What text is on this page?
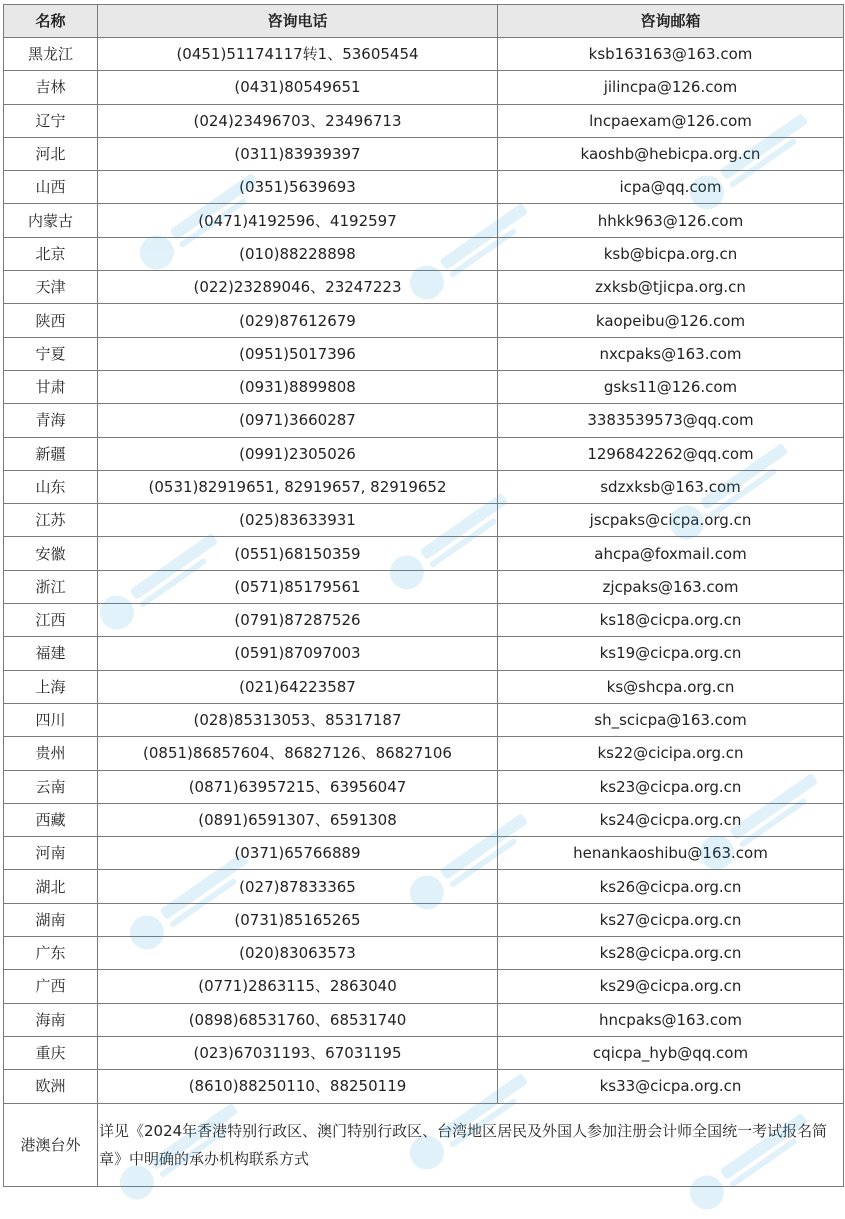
名称	咨询电话	咨询邮箱
黑龙江	(0451)51174117转1、53605454	ksb163163@163.com
吉林	(0431)80549651	jilincpa@126.com
辽宁	(024)23496703、23496713	lncpaexam@126.com
河北	(0311)83939397	kaoshb@hebicpa.org.cn
山西	(0351)5639693	icpa@qq.com
内蒙古	(0471)4192596、4192597	hhkk963@126.com
北京	(010)88228898	ksb@bicpa.org.cn
天津	(022)23289046、23247223	zxksb@tjicpa.org.cn
陕西	(029)87612679	kaopeibu@126.com
宁夏	(0951)5017396	nxcpaks@163.com
甘肃	(0931)8899808	gsks11@126.com
青海	(0971)3660287	3383539573@qq.com
新疆	(0991)2305026	1296842262@qq.com
山东	(0531)82919651, 82919657, 82919652	sdzxksb@163.com
江苏	(025)83633931	jscpaks@cicpa.org.cn
安徽	(0551)68150359	ahcpa@foxmail.com
浙江	(0571)85179561	zjcpaks@163.com
江西	(0791)87287526	ks18@cicpa.org.cn
福建	(0591)87097003	ks19@cicpa.org.cn
上海	(021)64223587	ks@shcpa.org.cn
四川	(028)85313053、85317187	sh_scicpa@163.com
贵州	(0851)86857604、86827126、86827106	ks22@cicipa.org.cn
云南	(0871)63957215、63956047	ks23@cicpa.org.cn
西藏	(0891)6591307、6591308	ks24@cicpa.org.cn
河南	(0371)65766889	henankaoshibu@163.com
湖北	(027)87833365	ks26@cicpa.org.cn
湖南	(0731)85165265	ks27@cicpa.org.cn
广东	(020)83063573	ks28@cicpa.org.cn
广西	(0771)2863115、2863040	ks29@cicpa.org.cn
海南	(0898)68531760、68531740	hncpaks@163.com
重庆	(023)67031193、67031195	cqicpa_hyb@qq.com
欧洲	(8610)88250110、88250119	ks33@cicpa.org.cn
港澳台外	详见《2024年香港特别行政区、澳门特别行政区、台湾地区居民及外国人参加注册会计师全国统一考试报名简章》中明确的承办机构联系方式	
